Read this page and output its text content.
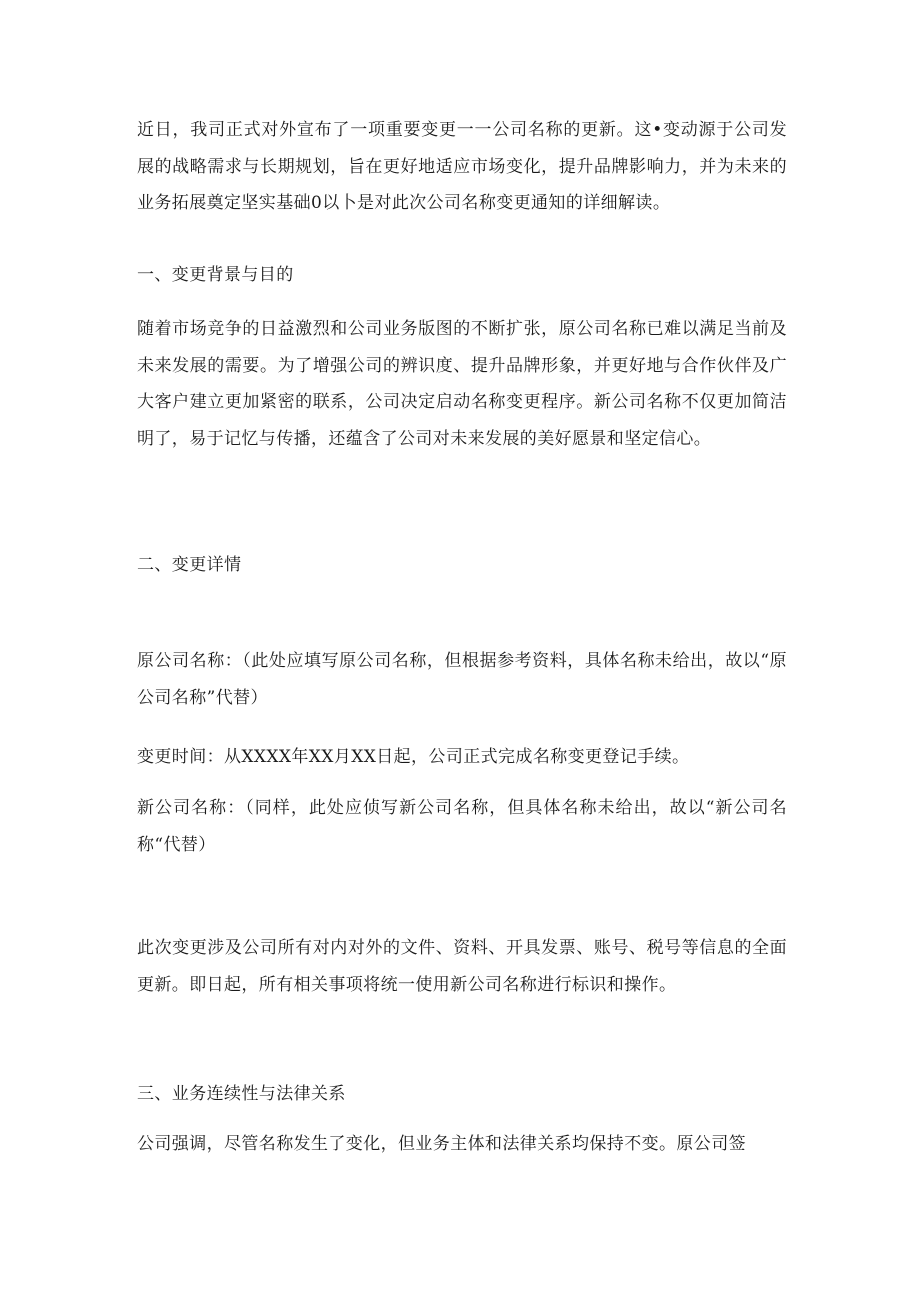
近日，我司正式对外宣布了一项重要变更一一公司名称的更新。这•变动源于公司发展的战略需求与长期规划，旨在更好地适应市场变化，提升品牌影响力，并为未来的业务拓展奠定坚实基础0以卜是对此次公司名称变更通知的详细解读。

一、变更背景与目的

随着市场竞争的日益激烈和公司业务版图的不断扩张，原公司名称已难以满足当前及未来发展的需要。为了增强公司的辨识度、提升品牌形象，并更好地与合作伙伴及广大客户建立更加紧密的联系，公司决定启动名称变更程序。新公司名称不仅更加简洁明了，易于记忆与传播，还蕴含了公司对未来发展的美好愿景和坚定信心。

二、变更详情

原公司名称：（此处应填写原公司名称，但根据参考资料，具体名称未给出，故以“原公司名称”代替）

变更时间：从XXXX年XX月XX日起，公司正式完成名称变更登记手续。

新公司名称：（同样，此处应侦写新公司名称，但具体名称未给出，故以“新公司名称“代替）

此次变更涉及公司所有对内对外的文件、资料、开具发票、账号、税号等信息的全面更新。即日起，所有相关事项将统一使用新公司名称进行标识和操作。

三、业务连续性与法律关系

公司强调，尽管名称发生了变化，但业务主体和法律关系均保持不变。原公司签
